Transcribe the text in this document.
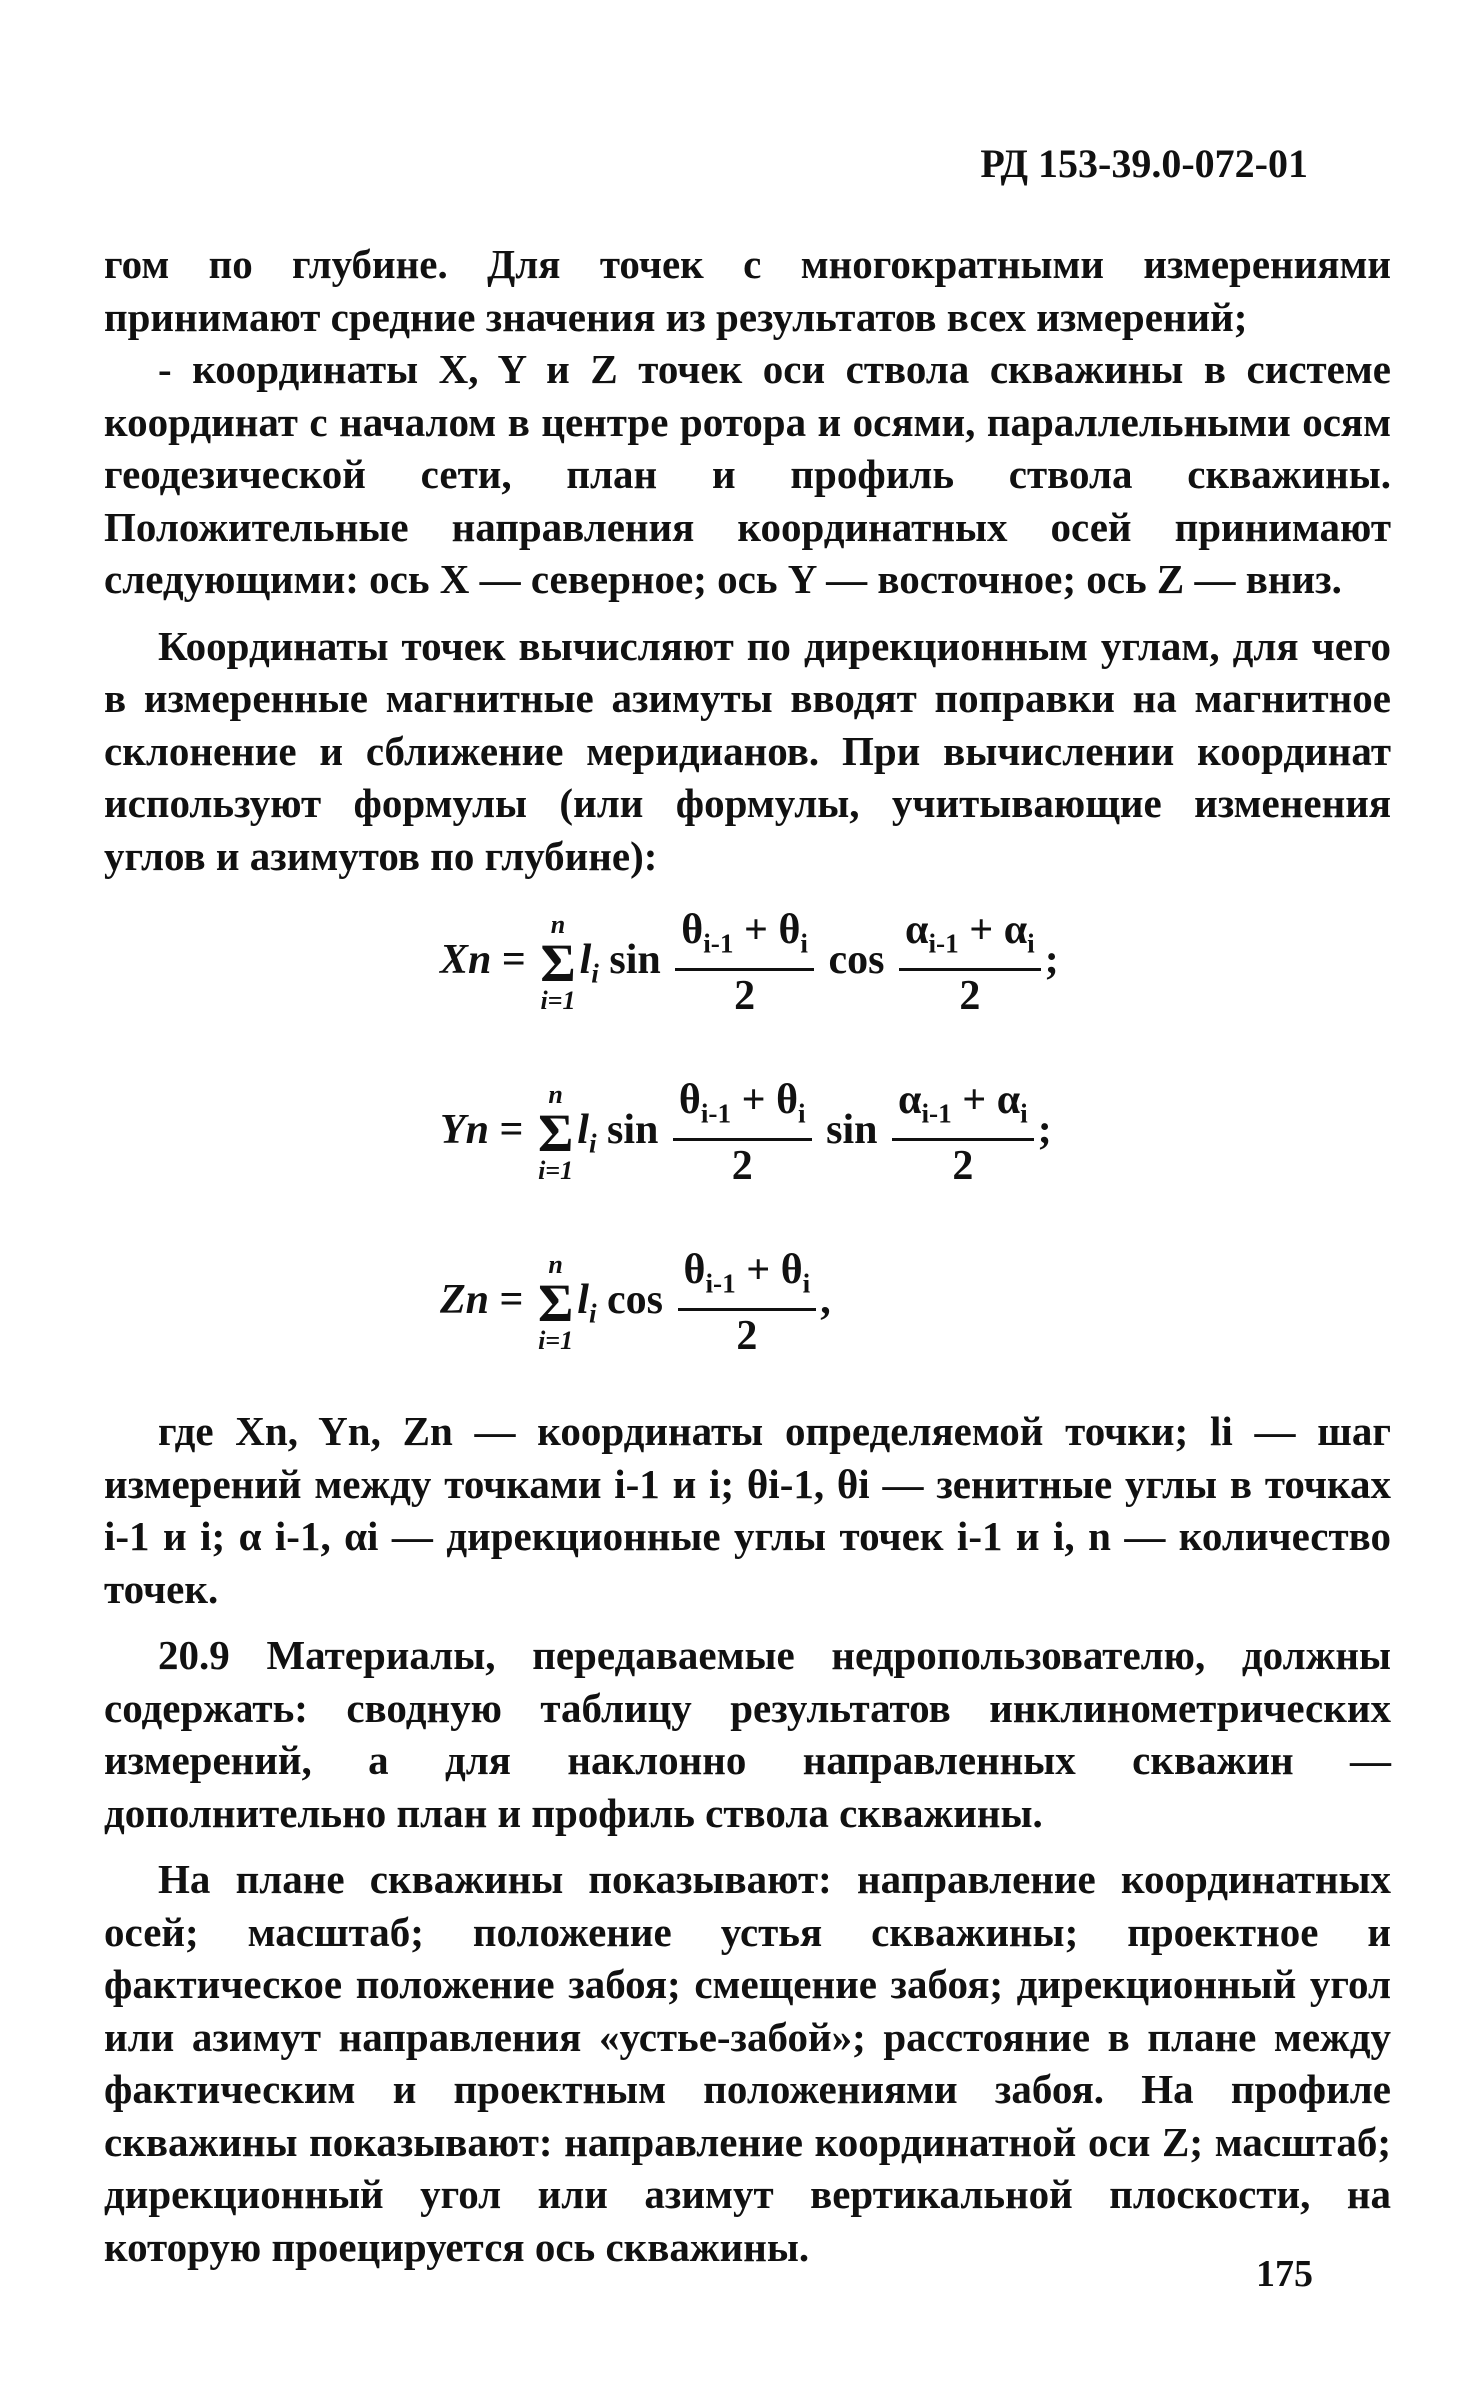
РД 153-39.0-072-01

гом по глубине. Для точек с многократными измерениями принимают средние значения из результатов всех измерений;

- координаты X, Y и Z точек оси ствола скважины в системе координат с началом в центре ротора и осями, параллельными осям геодезической сети, план и профиль ствола скважины. Положительные направления координатных осей принимают следующими: ось X — северное; ось Y — восточное; ось Z — вниз.

Координаты точек вычисляют по дирекционным углам, для чего в измеренные магнитные азимуты вводят поправки на магнитное склонение и сближение меридианов. При вычислении координат используют формулы (или формулы, учитывающие изменения углов и азимутов по глубине):

Xn =
n
Σ
i=1
$l_i$ $\sin \frac{\theta_{i-1} + \theta_i}{2}$ $\cos \frac{\alpha_{i-1} + \alpha_i}{2}$ ;
Yn =
n
Σ
i=1
$l_i$ $\sin \frac{\theta_{i-1} + \theta_i}{2}$ $\sin \frac{\alpha_{i-1} + \alpha_i}{2}$ ;
Zn =
n
Σ
i=1
$l_i$ $\cos \frac{\theta_{i-1} + \theta_i}{2}$ ,

где Xn, Yn, Zn — координаты определяемой точки; li — шаг измерений между точками i-1 и i; θi-1, θi — зенитные углы в точках i-1 и i; α i-1, αi — дирекционные углы точек i-1 и i, n — количество точек.

20.9 Материалы, передаваемые недропользователю, должны содержать: сводную таблицу результатов инклинометрических измерений, а для наклонно направленных скважин — дополнительно план и профиль ствола скважины.

На плане скважины показывают: направление координатных осей; масштаб; положение устья скважины; проектное и фактическое положение забоя; смещение забоя; дирекционный угол или азимут направления «устье-забой»; расстояние в плане между фактическим и проектным положениями забоя. На профиле скважины показывают: направление координатной оси Z; масштаб; дирекционный угол или азимут вертикальной плоскости, на которую проецируется ось скважины.

175
